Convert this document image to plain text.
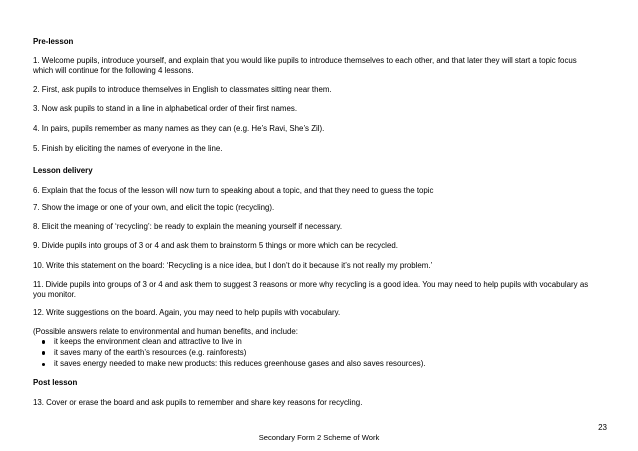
Pre-lesson
1. Welcome pupils, introduce yourself, and explain that you would like pupils to introduce themselves to each other, and that later they will start a topic focus which will continue for the following 4 lessons.
2. First, ask pupils to introduce themselves in English to classmates sitting near them.
3. Now ask pupils to stand in a line in alphabetical order of their first names.
4. In pairs, pupils remember as many names as they can (e.g. He’s Ravi, She’s Zil).
5. Finish by eliciting the names of everyone in the line.
Lesson delivery
6. Explain that the focus of the lesson will now turn to speaking about a topic, and that they need to guess the topic
7. Show the image or one of your own, and elicit the topic (recycling).
8. Elicit the meaning of ‘recycling’: be ready to explain the meaning yourself if necessary.
9. Divide pupils into groups of 3 or 4 and ask them to brainstorm 5 things or more which can be recycled.
10. Write this statement on the board: ‘Recycling is a nice idea, but I don’t do it because it’s not really my problem.’
11. Divide pupils into groups of 3 or 4 and ask them to suggest 3 reasons or more why recycling is a good idea. You may need to help pupils with vocabulary as you monitor.
12. Write suggestions on the board. Again, you may need to help pupils with vocabulary.
(Possible answers relate to environmental and human benefits, and include:
it keeps the environment clean and attractive to live in
it saves many of the earth’s resources (e.g. rainforests)
it saves energy needed to make new products: this reduces greenhouse gases and also saves resources).
Post lesson
13. Cover or erase the board and ask pupils to remember and share key reasons for recycling.
23
Secondary Form 2 Scheme of Work
